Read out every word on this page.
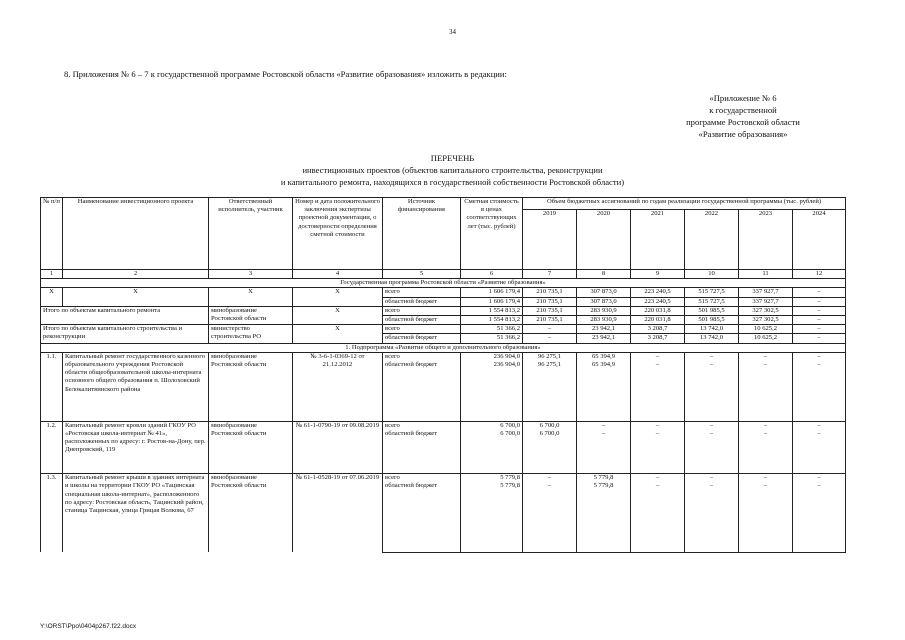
34
8. Приложения № 6 – 7 к государственной программе Ростовской области «Развитие образования» изложить в редакции:
«Приложение № 6
к государственной
программе Ростовской области
«Развитие образования»
ПЕРЕЧЕНЬ
инвестиционных проектов (объектов капитального строительства, реконструкции
и капитального ремонта, находящихся в государственной собственности Ростовской области)
№ п/п	Наименование инвестиционного проекта	Ответственный исполнитель, участник	Номер и дата положительного заключения экспертизы проектной документации, о достоверности определения сметной стоимости	Источник финансирования	Сметная стоимость в ценах соответствующих лет (тыс. рублей)	Объем бюджетных ассигнований по годам реализации государственной программы (тыс. рублей)					
						2019	2020	2021	2022	2023	2024
1	2	3	4	5	6	7	8	9	10	11	12
Государственная программа Ростовской области «Развитие образования»											
Х	Х	Х	Х	всего	1 606 179,4	210 735,1	307 873,0	223 240,5	515 727,5	337 927,7	–
				областной бюджет	1 606 179,4	210 735,1	307 873,0	223 240,5	515 727,5	337 927,7	–
Итого по объектам капитального ремонта		минобразование Ростовской области	Х	всего	1 554 813,2	210 735,1	283 930,9	220 031,8	501 985,5	327 302,5	–
				областной бюджет	1 554 813,2	210 735,1	283 930,9	220 031,8	501 985,5	327 302,5	–
Итого по объектам капитального строительства и реконструкции		министерство строительства РО	Х	всего	51 366,2	–	23 942,1	3 208,7	13 742,0	10 625,2	–
				областной бюджет	51 366,2	–	23 942,1	3 208,7	13 742,0	10 625,2	–
1. Подпрограмма «Развитие общего и дополнительного образования»											
1.1.	Капитальный ремонт государственного казенного образовательного учреждения Ростовской области общеобразовательной школы-интерната основного общего образования п. Шолоховский Белокалитвинского района	минобразование Ростовской области	№ 3-6-1-0369-12 от 21.12.2012	всего	236 904,0	96 275,1	65 394,9	–	–	–	–
				областной бюджет	236 904,0	96 275,1	65 394,9	–	–	–	–
1.2.	Капитальный ремонт кровли зданий ГКОУ РО «Ростовская школа-интернат № 41», расположенных по адресу: г. Ростов-на-Дону, пер. Днепровский, 119	минобразование Ростовской области	№ 61-1-0790-19 от 09.08.2019	всего	6 700,0	6 700,0	–	–	–	–	–
				областной бюджет	6 700,0	6 700,0	–	–	–	–	–
1.3.	Капитальный ремонт крыши в зданиях интерната и школы на территории ГКОУ РО «Тацинская специальная школа-интернат», расположенного по адресу: Ростовская область, Тацинский район, станица Тацинская, улица Грицая Волкова, 67	минобразование Ростовской области	№ 61-1-0528-19 от 07.06.2019	всего	5 779,8	–	5 779,8	–	–	–	–
				областной бюджет	5 779,8	–	5 779,8	–	–	–	–
Y:\ORST\Ppo\0404p267.f22.docx
